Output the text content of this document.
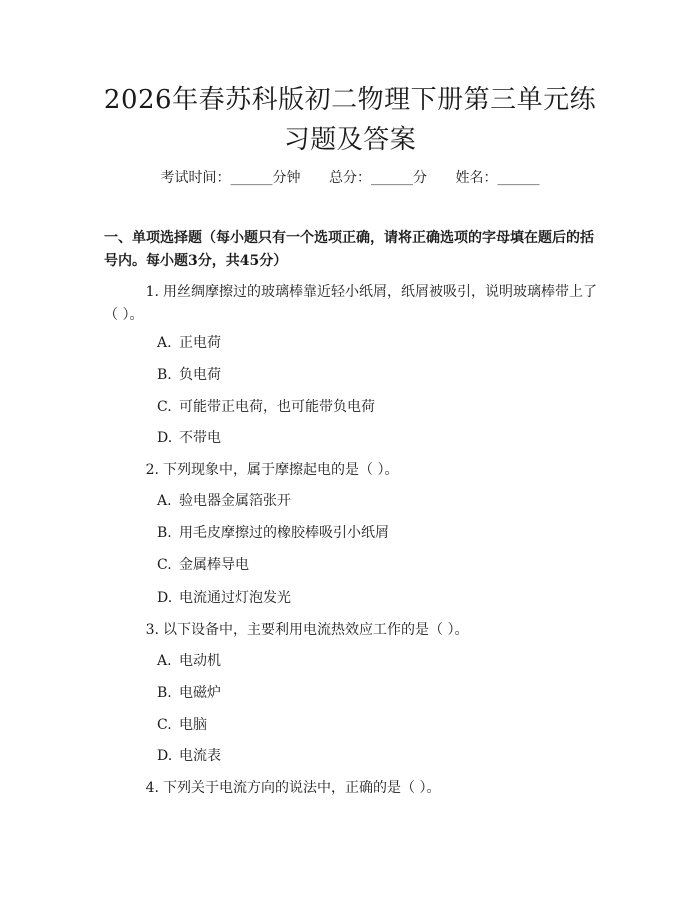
2026年春苏科版初二物理下册第三单元练习题及答案
考试时间：______分钟 总分：______分 姓名：______
一、单项选择题（每小题只有一个选项正确，请将正确选项的字母填在题后的括号内。每小题3分，共45分）
1. 用丝绸摩擦过的玻璃棒靠近轻小纸屑，纸屑被吸引，说明玻璃棒带上了（ ）。
A. 正电荷
B. 负电荷
C. 可能带正电荷，也可能带负电荷
D. 不带电
2. 下列现象中，属于摩擦起电的是（ ）。
A. 验电器金属箔张开
B. 用毛皮摩擦过的橡胶棒吸引小纸屑
C. 金属棒导电
D. 电流通过灯泡发光
3. 以下设备中，主要利用电流热效应工作的是（ ）。
A. 电动机
B. 电磁炉
C. 电脑
D. 电流表
4. 下列关于电流方向的说法中，正确的是（ ）。
